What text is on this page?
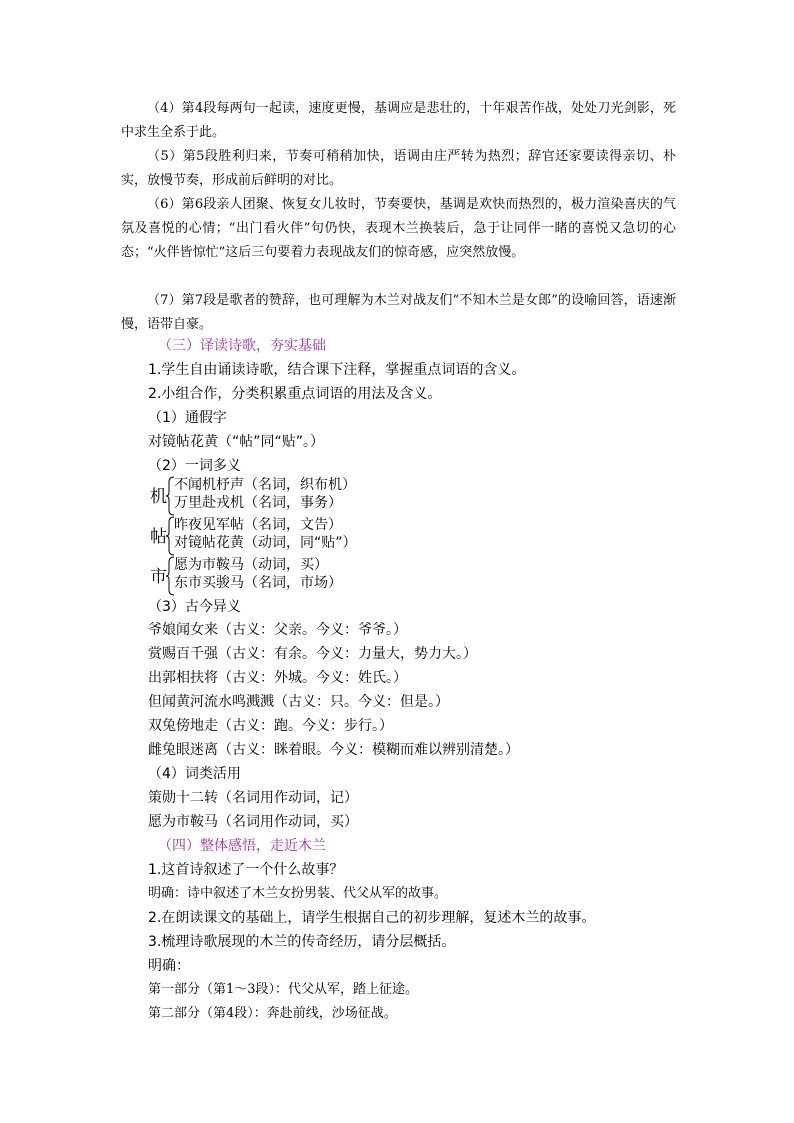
（4）第4段每两句一起读，速度更慢，基调应是悲壮的，十年艰苦作战，处处刀光剑影，死中求生全系于此。

（5）第5段胜利归来，节奏可稍稍加快，语调由庄严转为热烈；辞官还家要读得亲切、朴实，放慢节奏，形成前后鲜明的对比。

（6）第6段亲人团聚、恢复女儿妆时，节奏要快，基调是欢快而热烈的，极力渲染喜庆的气氛及喜悦的心情；“出门看火伴”句仍快，表现木兰换装后，急于让同伴一睹的喜悦又急切的心态；“火伴皆惊忙”这后三句要着力表现战友们的惊奇感，应突然放慢。

（7）第7段是歌者的赞辞，也可理解为木兰对战友们“不知木兰是女郎”的设喻回答，语速渐慢，语带自豪。

（三）译读诗歌，夯实基础
1.学生自由诵读诗歌，结合课下注释，掌握重点词语的含义。
2.小组合作，分类积累重点词语的用法及含义。
（1）通假字
对镜帖花黄（“帖”同“贴”。）
（2）一词多义
机
不闻机杼声（名词，织布机）
万里赴戎机（名词，事务）
帖
昨夜见军帖（名词，文告）
对镜帖花黄（动词，同“贴”）
市
愿为市鞍马（动词，买）
东市买骏马（名词，市场）
（3）古今异义
爷娘闻女来（古义：父亲。今义：爷爷。）
赏赐百千强（古义：有余。今义：力量大，势力大。）
出郭相扶将（古义：外城。今义：姓氏。）
但闻黄河流水鸣溅溅（古义：只。今义：但是。）
双兔傍地走（古义：跑。今义：步行。）
雌兔眼迷离（古义：眯着眼。今义：模糊而难以辨别清楚。）
（4）词类活用
策勋十二转（名词用作动词，记）
愿为市鞍马（名词用作动词，买）
（四）整体感悟，走近木兰
1.这首诗叙述了一个什么故事？
明确：诗中叙述了木兰女扮男装、代父从军的故事。
2.在朗读课文的基础上，请学生根据自己的初步理解，复述木兰的故事。
3.梳理诗歌展现的木兰的传奇经历，请分层概括。
明确：
第一部分（第1～3段）：代父从军，踏上征途。
第二部分（第4段）：奔赴前线，沙场征战。
